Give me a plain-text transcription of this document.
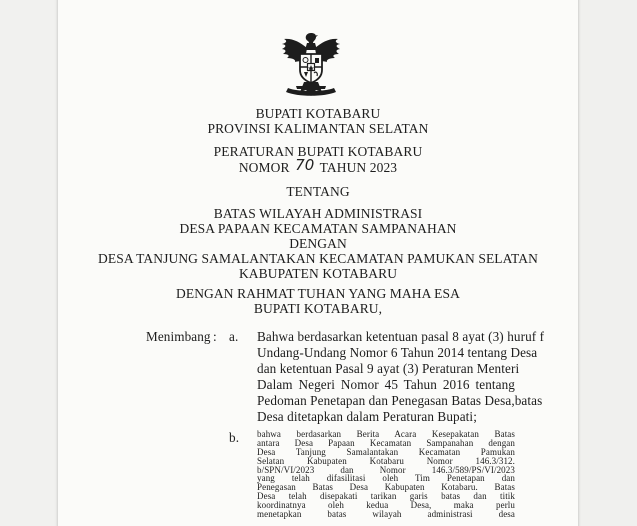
BUPATI KOTABARU
PROVINSI KALIMANTAN SELATAN
PERATURAN BUPATI KOTABARU
NOMOR 70 TAHUN 2023
TENTANG
BATAS WILAYAH ADMINISTRASI
DESA PAPAAN KECAMATAN SAMPANAHAN
DENGAN
DESA TANJUNG SAMALANTAKAN KECAMATAN PAMUKAN SELATAN
KABUPATEN KOTABARU
DENGAN RAHMAT TUHAN YANG MAHA ESA
BUPATI KOTABARU,
Menimbang : a. Bahwa berdasarkan ketentuan pasal 8 ayat (3) huruf f
Undang-Undang Nomor 6 Tahun 2014 tentang Desa
dan ketentuan Pasal 9 ayat (3) Peraturan Menteri
Dalam Negeri Nomor 45 Tahun 2016 tentang
Pedoman Penetapan dan Penegasan Batas Desa,batas
Desa ditetapkan dalam Peraturan Bupati;
b. bahwa berdasarkan Berita Acara Kesepakatan Batas
antara Desa Papaan Kecamatan Sampanahan dengan
Desa Tanjung Samalantakan Kecamatan Pamukan
Selatan Kabupaten Kotabaru Nomor 146.3/312.
b/SPN/VI/2023 dan Nomor 146.3/589/PS/VI/2023
yang telah difasilitasi oleh Tim Penetapan dan
Penegasan Batas Desa Kabupaten Kotabaru. Batas
Desa telah disepakati tarikan garis batas dan titik
koordinatnya oleh kedua Desa, maka perlu
menetapkan batas wilayah administrasi desa
